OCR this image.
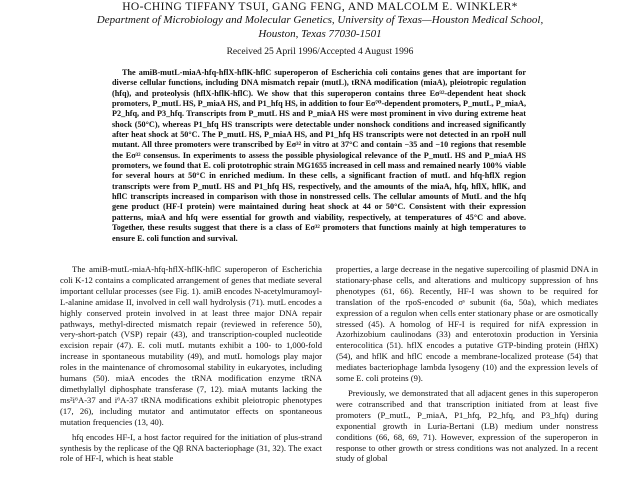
HO-CHING TIFFANY TSUI, GANG FENG, AND MALCOLM E. WINKLER*
Department of Microbiology and Molecular Genetics, University of Texas—Houston Medical School,
Houston, Texas 77030-1501
Received 25 April 1996/Accepted 4 August 1996

The amiB-mutL-miaA-hfq-hflX-hflK-hflC superoperon of Escherichia coli contains genes that are important for diverse cellular functions, including DNA mismatch repair (mutL), tRNA modification (miaA), pleiotropic regulation (hfq), and proteolysis (hflX-hflK-hflC). We show that this superoperon contains three Eσ³²-dependent heat shock promoters, P_mutL HS, P_miaA HS, and P1_hfq HS, in addition to four Eσ⁷⁰-dependent promoters, P_mutL, P_miaA, P2_hfq, and P3_hfq. Transcripts from P_mutL HS and P_miaA HS were most prominent in vivo during extreme heat shock (50°C), whereas P1_hfq HS transcripts were detectable under nonshock conditions and increased significantly after heat shock at 50°C. The P_mutL HS, P_miaA HS, and P1_hfq HS transcripts were not detected in an rpoH null mutant. All three promoters were transcribed by Eσ³² in vitro at 37°C and contain −35 and −10 regions that resemble the Eσ³² consensus. In experiments to assess the possible physiological relevance of the P_mutL HS and P_miaA HS promoters, we found that E. coli prototrophic strain MG1655 increased in cell mass and remained nearly 100% viable for several hours at 50°C in enriched medium. In these cells, a significant fraction of mutL and hfq-hflX region transcripts were from P_mutL HS and P1_hfq HS, respectively, and the amounts of the miaA, hfq, hflX, hflK, and hflC transcripts increased in comparison with those in nonstressed cells. The cellular amounts of MutL and the hfq gene product (HF-I protein) were maintained during heat shock at 44 or 50°C. Consistent with their expression patterns, miaA and hfq were essential for growth and viability, respectively, at temperatures of 45°C and above. Together, these results suggest that there is a class of Eσ³² promoters that functions mainly at high temperatures to ensure E. coli function and survival.

The amiB-mutL-miaA-hfq-hflX-hflK-hflC superoperon of Escherichia coli K-12 contains a complicated arrangement of genes that mediate several important cellular processes (see Fig. 1). amiB encodes N-acetylmuramoyl-L-alanine amidase II, involved in cell wall hydrolysis (71). mutL encodes a highly conserved protein involved in at least three major DNA repair pathways, methyl-directed mismatch repair (reviewed in reference 50), very-short-patch (VSP) repair (43), and transcription-coupled nucleotide excision repair (47). E. coli mutL mutants exhibit a 100- to 1,000-fold increase in spontaneous mutability (49), and mutL homologs play major roles in the maintenance of chromosomal stability in eukaryotes, including humans (50). miaA encodes the tRNA modification enzyme tRNA dimethylallyl diphosphate transferase (7, 12). miaA mutants lacking the ms²i⁶A-37 and i⁶A-37 tRNA modifications exhibit pleiotropic phenotypes (17, 26), including mutator and antimutator effects on spontaneous mutation frequencies (13, 40).

hfq encodes HF-I, a host factor required for the initiation of plus-strand synthesis by the replicase of the Qβ RNA bacteriophage (31, 32). The exact role of HF-I, which is heat stable

properties, a large decrease in the negative supercoiling of plasmid DNA in stationary-phase cells, and alterations and multicopy suppression of hns phenotypes (61, 66). Recently, HF-I was shown to be required for translation of the rpoS-encoded σˢ subunit (6a, 50a), which mediates expression of a regulon when cells enter stationary phase or are osmotically stressed (45). A homolog of HF-I is required for nifA expression in Azorhizobium caulinodans (33) and enterotoxin production in Yersinia enterocolitica (51). hflX encodes a putative GTP-binding protein (HflX) (54), and hflK and hflC encode a membrane-localized protease (54) that mediates bacteriophage lambda lysogeny (10) and the expression levels of some E. coli proteins (9).

Previously, we demonstrated that all adjacent genes in this superoperon were cotranscribed and that transcription initiated from at least five promoters (P_mutL, P_miaA, P1_hfq, P2_hfq, and P3_hfq) during exponential growth in Luria-Bertani (LB) medium under nonstress conditions (66, 68, 69, 71). However, expression of the superoperon in response to other growth or stress conditions was not analyzed. In a recent study of global
